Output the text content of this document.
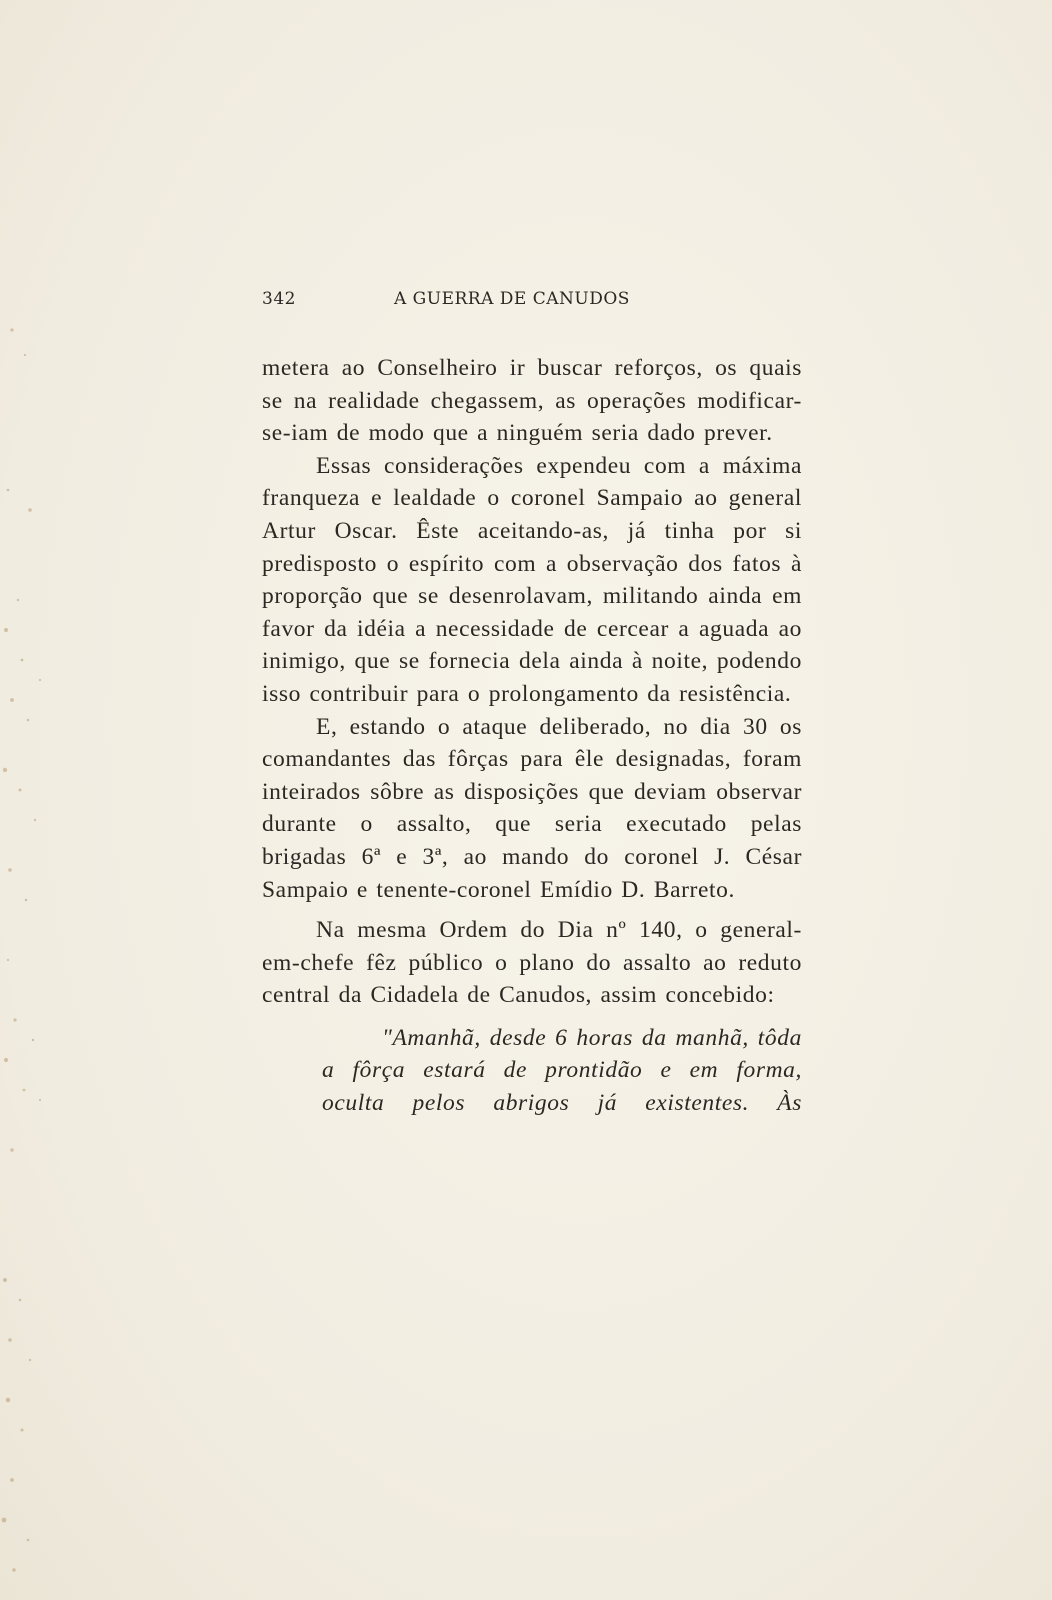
342	A GUERRA DE CANUDOS

metera ao Conselheiro ir buscar reforços, os quais se na realidade chegassem, as operações modificar-se-iam de modo que a ninguém seria dado prever.

Essas considerações expendeu com a máxima franqueza e lealdade o coronel Sampaio ao general Artur Oscar. Êste aceitando-as, já tinha por si predisposto o espírito com a observação dos fatos à proporção que se desenrolavam, militando ainda em favor da idéia a necessidade de cercear a aguada ao inimigo, que se fornecia dela ainda à noite, podendo isso contribuir para o prolongamento da resistência.

E, estando o ataque deliberado, no dia 30 os comandantes das fôrças para êle designadas, foram inteirados sôbre as disposições que deviam observar durante o assalto, que seria executado pelas brigadas 6ª e 3ª, ao mando do coronel J. César Sampaio e tenente-coronel Emídio D. Barreto.

Na mesma Ordem do Dia nº 140, o general-em-chefe fêz público o plano do assalto ao reduto central da Cidadela de Canudos, assim concebido:

"Amanhã, desde 6 horas da manhã, tôda a fôrça estará de prontidão e em forma, oculta pelos abrigos já existentes. Às
